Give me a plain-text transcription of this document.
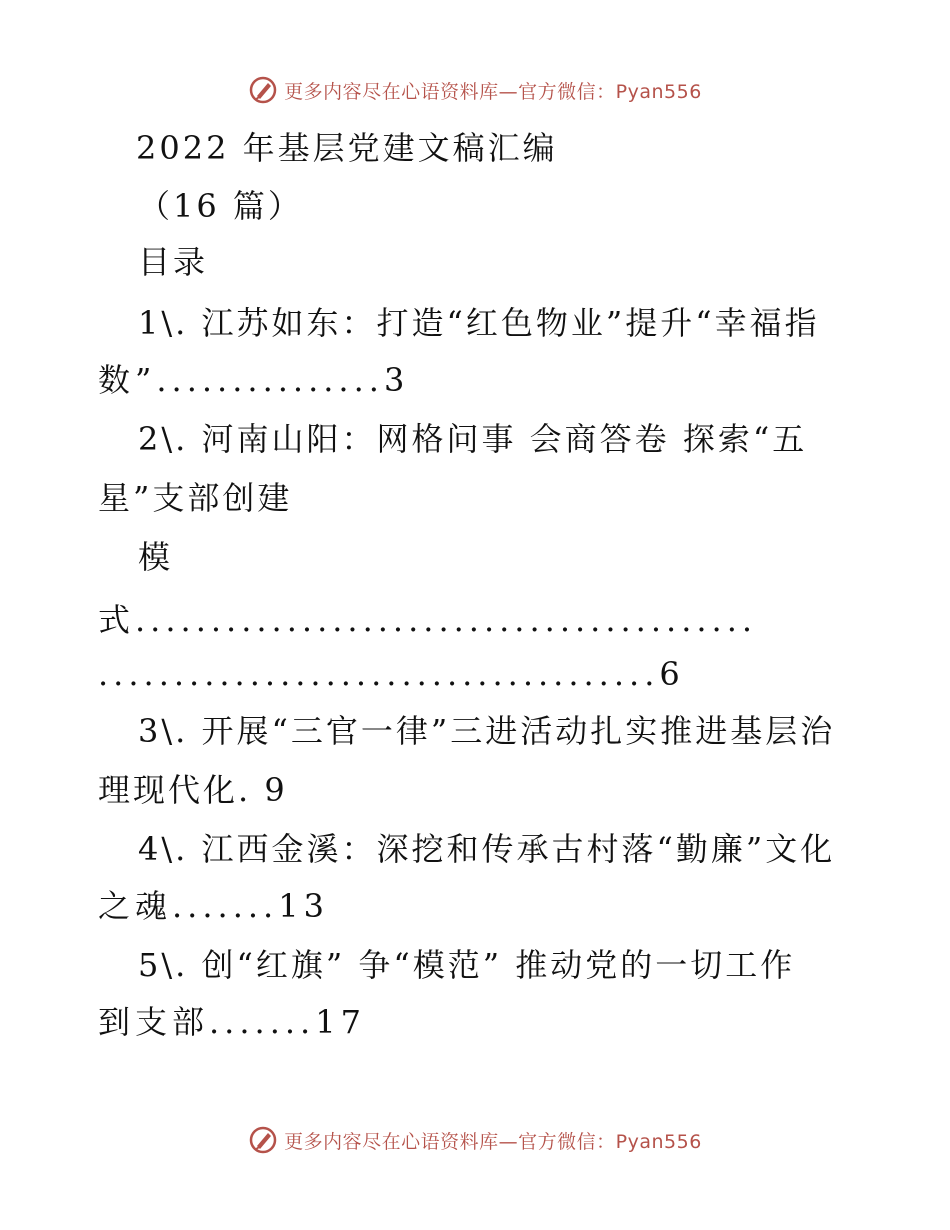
更多内容尽在心语资料库—官方微信：Pyan556
2022 年基层党建文稿汇编
（16 篇）
目录
1\. 江苏如东：打造“红色物业”提升“幸福指
数”...............3
2\. 河南山阳：网格问事 会商答卷 探索“五
星”支部创建
模
式.........................................
.....................................6
3\. 开展“三官一律”三进活动扎实推进基层治
理现代化. 9
4\. 江西金溪：深挖和传承古村落“勤廉”文化
之魂.......13
5\. 创“红旗” 争“模范” 推动党的一切工作
到支部.......17
更多内容尽在心语资料库—官方微信：Pyan556
